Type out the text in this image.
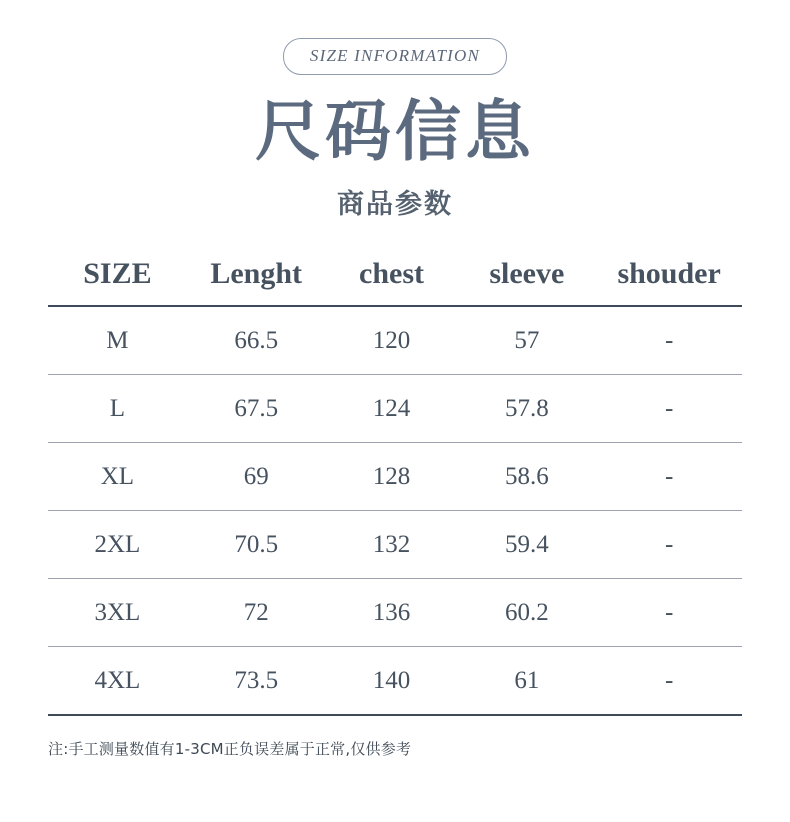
SIZE INFORMATION
尺码信息
商品参数
SIZE	Lenght	chest	sleeve	shouder
M	66.5	120	57	-
L	67.5	124	57.8	-
XL	69	128	58.6	-
2XL	70.5	132	59.4	-
3XL	72	136	60.2	-
4XL	73.5	140	61	-
注:手工测量数值有1-3CM正负误差属于正常,仅供参考
